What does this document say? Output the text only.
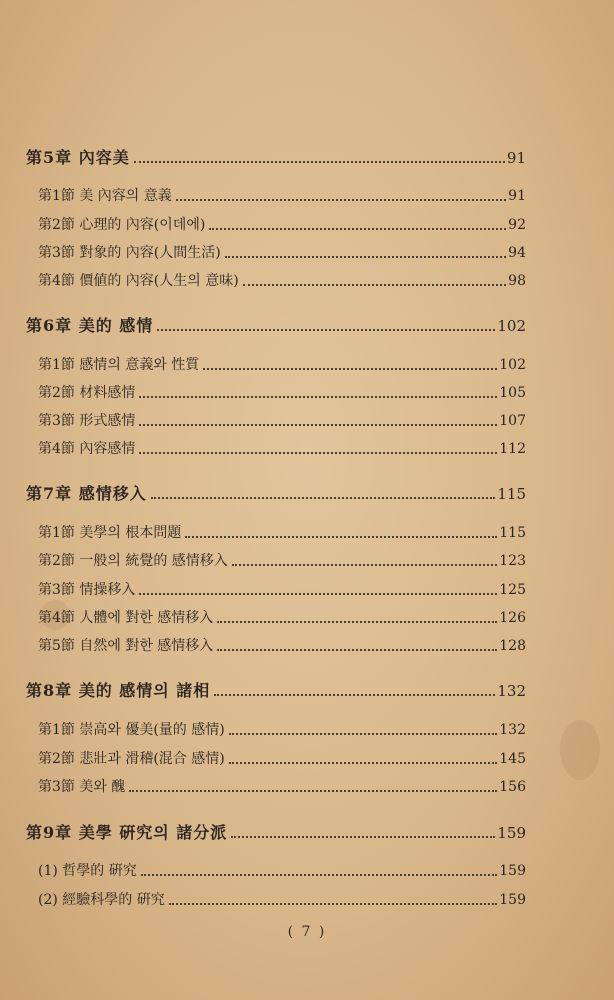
第5章 內容美	91
第1節 美 內容의 意義	91
第2節 心理的 內容(이데에)	92
第3節 對象的 內容(人間生活)	94
第4節 價値的 內容(人生의 意味)	98
第6章 美的 感情	102
第1節 感情의 意義와 性質	102
第2節 材料感情	105
第3節 形式感情	107
第4節 內容感情	112
第7章 感情移入	115
第1節 美學의 根本問題	115
第2節 一般의 統覺的 感情移入	123
第3節 情操移入	125
第4節 人體에 對한 感情移入	126
第5節 自然에 對한 感情移入	128
第8章 美的 感情의 諸相	132
第1節 崇高와 優美(量的 感情)	132
第2節 悲壯과 滑稽(混合 感情)	145
第3節 美와 醜	156
第9章 美學 硏究의 諸分派	159
(1) 哲學的 硏究	159
(2) 經驗科學的 硏究	159
( 7 )
